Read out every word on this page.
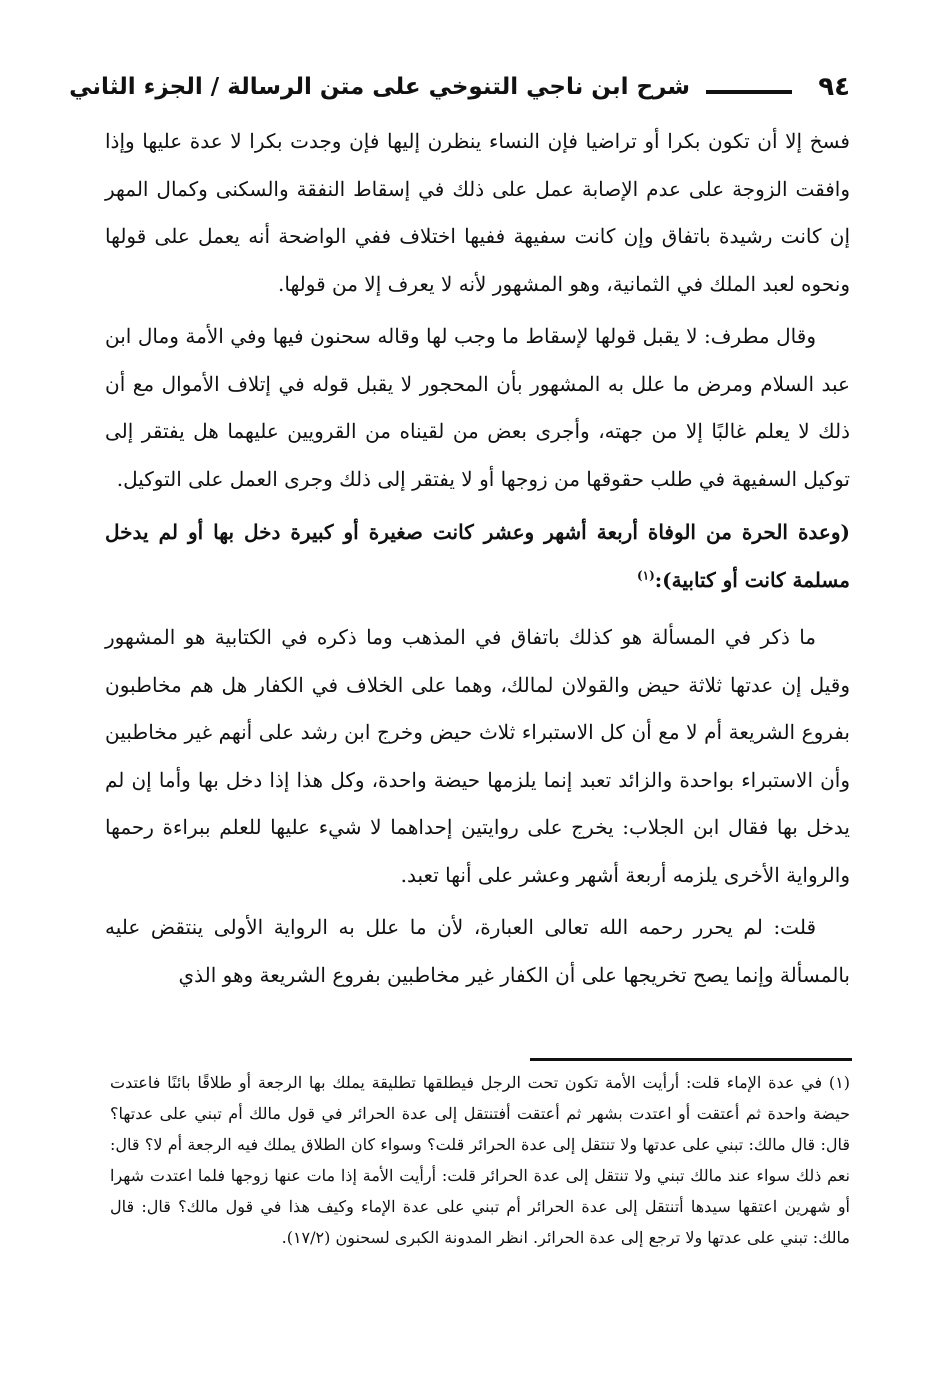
٩٤
شرح ابن ناجي التنوخي على متن الرسالة / الجزء الثاني

فسخ إلا أن تكون بكرا أو تراضيا فإن النساء ينظرن إليها فإن وجدت بكرا لا عدة عليها وإذا وافقت الزوجة على عدم الإصابة عمل على ذلك في إسقاط النفقة والسكنى وكمال المهر إن كانت رشيدة باتفاق وإن كانت سفيهة ففيها اختلاف ففي الواضحة أنه يعمل على قولها ونحوه لعبد الملك في الثمانية، وهو المشهور لأنه لا يعرف إلا من قولها.

وقال مطرف: لا يقبل قولها لإسقاط ما وجب لها وقاله سحنون فيها وفي الأمة ومال ابن عبد السلام ومرض ما علل به المشهور بأن المحجور لا يقبل قوله في إتلاف الأموال مع أن ذلك لا يعلم غالبًا إلا من جهته، وأجرى بعض من لقيناه من القرويين عليهما هل يفتقر إلى توكيل السفيهة في طلب حقوقها من زوجها أو لا يفتقر إلى ذلك وجرى العمل على التوكيل.

(وعدة الحرة من الوفاة أربعة أشهر وعشر كانت صغيرة أو كبيرة دخل بها أو لم يدخل مسلمة كانت أو كتابية):$^{(١)}$

ما ذكر في المسألة هو كذلك باتفاق في المذهب وما ذكره في الكتابية هو المشهور وقيل إن عدتها ثلاثة حيض والقولان لمالك، وهما على الخلاف في الكفار هل هم مخاطبون بفروع الشريعة أم لا مع أن كل الاستبراء ثلاث حيض وخرج ابن رشد على أنهم غير مخاطبين وأن الاستبراء بواحدة والزائد تعبد إنما يلزمها حيضة واحدة، وكل هذا إذا دخل بها وأما إن لم يدخل بها فقال ابن الجلاب: يخرج على روايتين إحداهما لا شيء عليها للعلم ببراءة رحمها والرواية الأخرى يلزمه أربعة أشهر وعشر على أنها تعبد.

قلت: لم يحرر رحمه الله تعالى العبارة، لأن ما علل به الرواية الأولى ينتقض عليه بالمسألة وإنما يصح تخريجها على أن الكفار غير مخاطبين بفروع الشريعة وهو الذي

(١) في عدة الإماء قلت: أرأيت الأمة تكون تحت الرجل فيطلقها تطليقة يملك بها الرجعة أو طلاقًا بائنًا فاعتدت حيضة واحدة ثم أعتقت أو اعتدت بشهر ثم أعتقت أفتنتقل إلى عدة الحرائر في قول مالك أم تبني على عدتها؟ قال: قال مالك: تبني على عدتها ولا تنتقل إلى عدة الحرائر قلت؟ وسواء كان الطلاق يملك فيه الرجعة أم لا؟ قال: نعم ذلك سواء عند مالك تبني ولا تنتقل إلى عدة الحرائر قلت: أرأيت الأمة إذا مات عنها زوجها فلما اعتدت شهرا أو شهرين اعتقها سيدها أتنتقل إلى عدة الحرائر أم تبني على عدة الإماء وكيف هذا في قول مالك؟ قال: قال مالك: تبني على عدتها ولا ترجع إلى عدة الحرائر. انظر المدونة الكبرى لسحنون (١٧/٢).
